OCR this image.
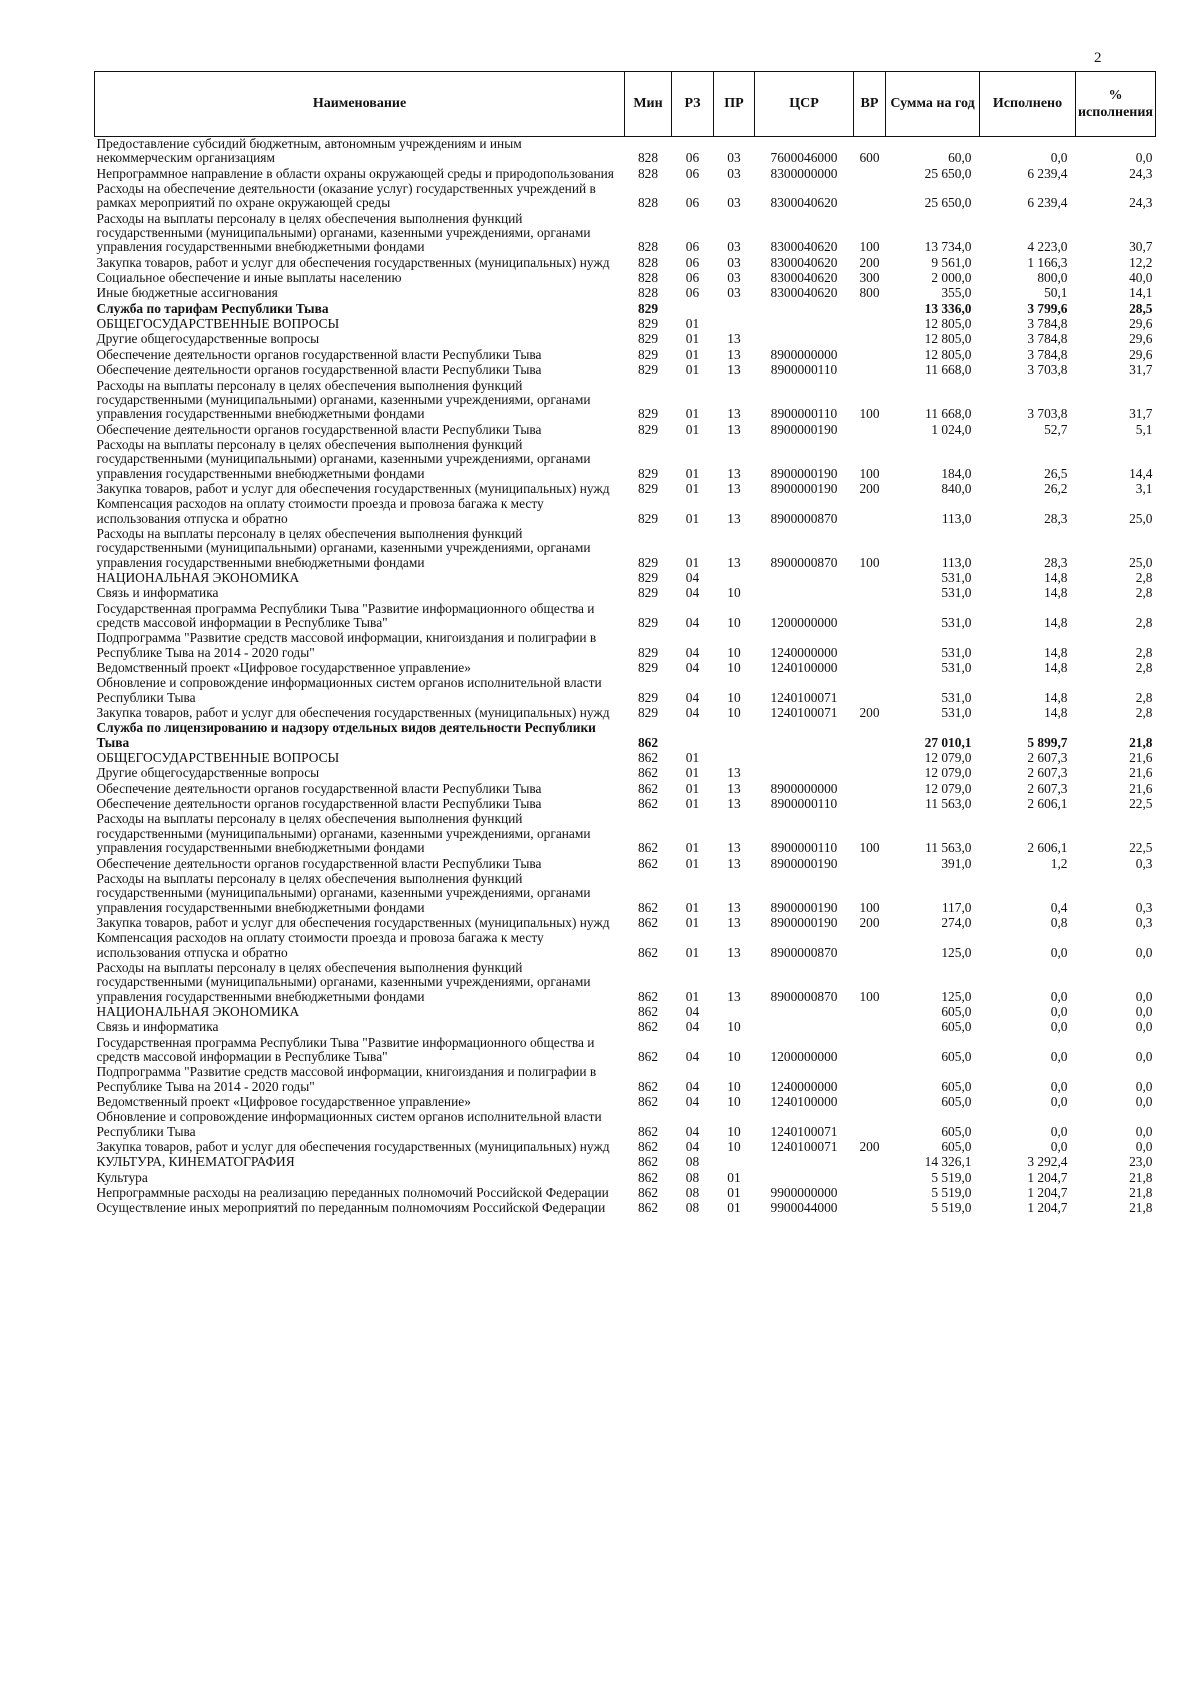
2
Наименование	Мин	РЗ	ПР	ЦСР	ВР	Сумма на год	Исполнено	% исполнения
Предоставление субсидий бюджетным, автономным учреждениям и иным некоммерческим организациям	828	06	03	7600046000	600	60,0	0,0	0,0
Непрограммное направление в области охраны окружающей среды и природопользования	828	06	03	8300000000		25 650,0	6 239,4	24,3
Расходы на обеспечение деятельности (оказание услуг) государственных учреждений в рамках мероприятий по охране окружающей среды	828	06	03	8300040620		25 650,0	6 239,4	24,3
Расходы на выплаты персоналу в целях обеспечения выполнения функций государственными (муниципальными) органами, казенными учреждениями, органами управления государственными внебюджетными фондами	828	06	03	8300040620	100	13 734,0	4 223,0	30,7
Закупка товаров, работ и услуг для обеспечения государственных (муниципальных) нужд	828	06	03	8300040620	200	9 561,0	1 166,3	12,2
Социальное обеспечение и иные выплаты населению	828	06	03	8300040620	300	2 000,0	800,0	40,0
Иные бюджетные ассигнования	828	06	03	8300040620	800	355,0	50,1	14,1
Служба по тарифам Республики Тыва	829					13 336,0	3 799,6	28,5
ОБЩЕГОСУДАРСТВЕННЫЕ ВОПРОСЫ	829	01				12 805,0	3 784,8	29,6
Другие общегосударственные вопросы	829	01	13			12 805,0	3 784,8	29,6
Обеспечение деятельности органов государственной власти Республики Тыва	829	01	13	8900000000		12 805,0	3 784,8	29,6
Обеспечение деятельности органов государственной власти Республики Тыва	829	01	13	8900000110		11 668,0	3 703,8	31,7
Расходы на выплаты персоналу в целях обеспечения выполнения функций государственными (муниципальными) органами, казенными учреждениями, органами управления государственными внебюджетными фондами	829	01	13	8900000110	100	11 668,0	3 703,8	31,7
Обеспечение деятельности органов государственной власти Республики Тыва	829	01	13	8900000190		1 024,0	52,7	5,1
Расходы на выплаты персоналу в целях обеспечения выполнения функций государственными (муниципальными) органами, казенными учреждениями, органами управления государственными внебюджетными фондами	829	01	13	8900000190	100	184,0	26,5	14,4
Закупка товаров, работ и услуг для обеспечения государственных (муниципальных) нужд	829	01	13	8900000190	200	840,0	26,2	3,1
Компенсация расходов на оплату стоимости проезда и провоза багажа к месту использования отпуска и обратно	829	01	13	8900000870		113,0	28,3	25,0
Расходы на выплаты персоналу в целях обеспечения выполнения функций государственными (муниципальными) органами, казенными учреждениями, органами управления государственными внебюджетными фондами	829	01	13	8900000870	100	113,0	28,3	25,0
НАЦИОНАЛЬНАЯ ЭКОНОМИКА	829	04				531,0	14,8	2,8
Связь и информатика	829	04	10			531,0	14,8	2,8
Государственная программа Республики Тыва "Развитие информационного общества и средств массовой информации в Республике Тыва"	829	04	10	1200000000		531,0	14,8	2,8
Подпрограмма "Развитие средств массовой информации, книгоиздания и полиграфии в Республике Тыва на 2014 - 2020 годы"	829	04	10	1240000000		531,0	14,8	2,8
Ведомственный проект «Цифровое государственное управление»	829	04	10	1240100000		531,0	14,8	2,8
Обновление и сопровождение информационных систем органов исполнительной власти Республики Тыва	829	04	10	1240100071		531,0	14,8	2,8
Закупка товаров, работ и услуг для обеспечения государственных (муниципальных) нужд	829	04	10	1240100071	200	531,0	14,8	2,8
Служба по лицензированию и надзору отдельных видов деятельности Республики Тыва	862					27 010,1	5 899,7	21,8
ОБЩЕГОСУДАРСТВЕННЫЕ ВОПРОСЫ	862	01				12 079,0	2 607,3	21,6
Другие общегосударственные вопросы	862	01	13			12 079,0	2 607,3	21,6
Обеспечение деятельности органов государственной власти Республики Тыва	862	01	13	8900000000		12 079,0	2 607,3	21,6
Обеспечение деятельности органов государственной власти Республики Тыва	862	01	13	8900000110		11 563,0	2 606,1	22,5
Расходы на выплаты персоналу в целях обеспечения выполнения функций государственными (муниципальными) органами, казенными учреждениями, органами управления государственными внебюджетными фондами	862	01	13	8900000110	100	11 563,0	2 606,1	22,5
Обеспечение деятельности органов государственной власти Республики Тыва	862	01	13	8900000190		391,0	1,2	0,3
Расходы на выплаты персоналу в целях обеспечения выполнения функций государственными (муниципальными) органами, казенными учреждениями, органами управления государственными внебюджетными фондами	862	01	13	8900000190	100	117,0	0,4	0,3
Закупка товаров, работ и услуг для обеспечения государственных (муниципальных) нужд	862	01	13	8900000190	200	274,0	0,8	0,3
Компенсация расходов на оплату стоимости проезда и провоза багажа к месту использования отпуска и обратно	862	01	13	8900000870		125,0	0,0	0,0
Расходы на выплаты персоналу в целях обеспечения выполнения функций государственными (муниципальными) органами, казенными учреждениями, органами управления государственными внебюджетными фондами	862	01	13	8900000870	100	125,0	0,0	0,0
НАЦИОНАЛЬНАЯ ЭКОНОМИКА	862	04				605,0	0,0	0,0
Связь и информатика	862	04	10			605,0	0,0	0,0
Государственная программа Республики Тыва "Развитие информационного общества и средств массовой информации в Республике Тыва"	862	04	10	1200000000		605,0	0,0	0,0
Подпрограмма "Развитие средств массовой информации, книгоиздания и полиграфии в Республике Тыва на 2014 - 2020 годы"	862	04	10	1240000000		605,0	0,0	0,0
Ведомственный проект «Цифровое государственное управление»	862	04	10	1240100000		605,0	0,0	0,0
Обновление и сопровождение информационных систем органов исполнительной власти Республики Тыва	862	04	10	1240100071		605,0	0,0	0,0
Закупка товаров, работ и услуг для обеспечения государственных (муниципальных) нужд	862	04	10	1240100071	200	605,0	0,0	0,0
КУЛЬТУРА, КИНЕМАТОГРАФИЯ	862	08				14 326,1	3 292,4	23,0
Культура	862	08	01			5 519,0	1 204,7	21,8
Непрограммные расходы на реализацию переданных полномочий Российской Федерации	862	08	01	9900000000		5 519,0	1 204,7	21,8
Осуществление иных мероприятий по переданным полномочиям Российской Федерации	862	08	01	9900044000		5 519,0	1 204,7	21,8
